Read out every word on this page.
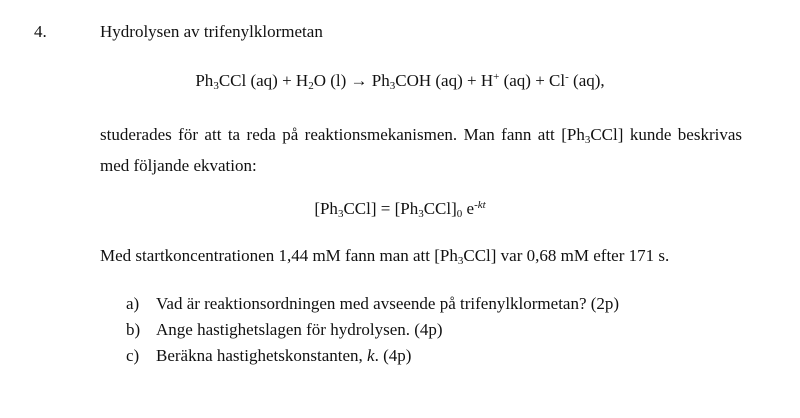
4.	Hydrolysen av trifenylklormetan
$Ph_3CCl$ $(aq) + H_2O$ $(l) \to Ph_3COH$ (aq) + H+ (aq) + Cl- (aq),
studerades för att ta reda på reaktionsmekanismen. Man fann att $[Ph_3CCl]$ kunde beskrivas med följande ekvation:
$[Ph_3CCl] = [Ph_3CCl]_0$ $e^{-kt}$
Med startkoncentrationen 1,44 mM fann man att $[Ph_3CCl]$ var 0,68 mM efter 171 s.
a) Vad är reaktionsordningen med avseende på trifenylklormetan? (2p)
b) Ange hastighetslagen för hydrolysen. (4p)
c) Beräkna hastighetskonstanten, k. (4p)
